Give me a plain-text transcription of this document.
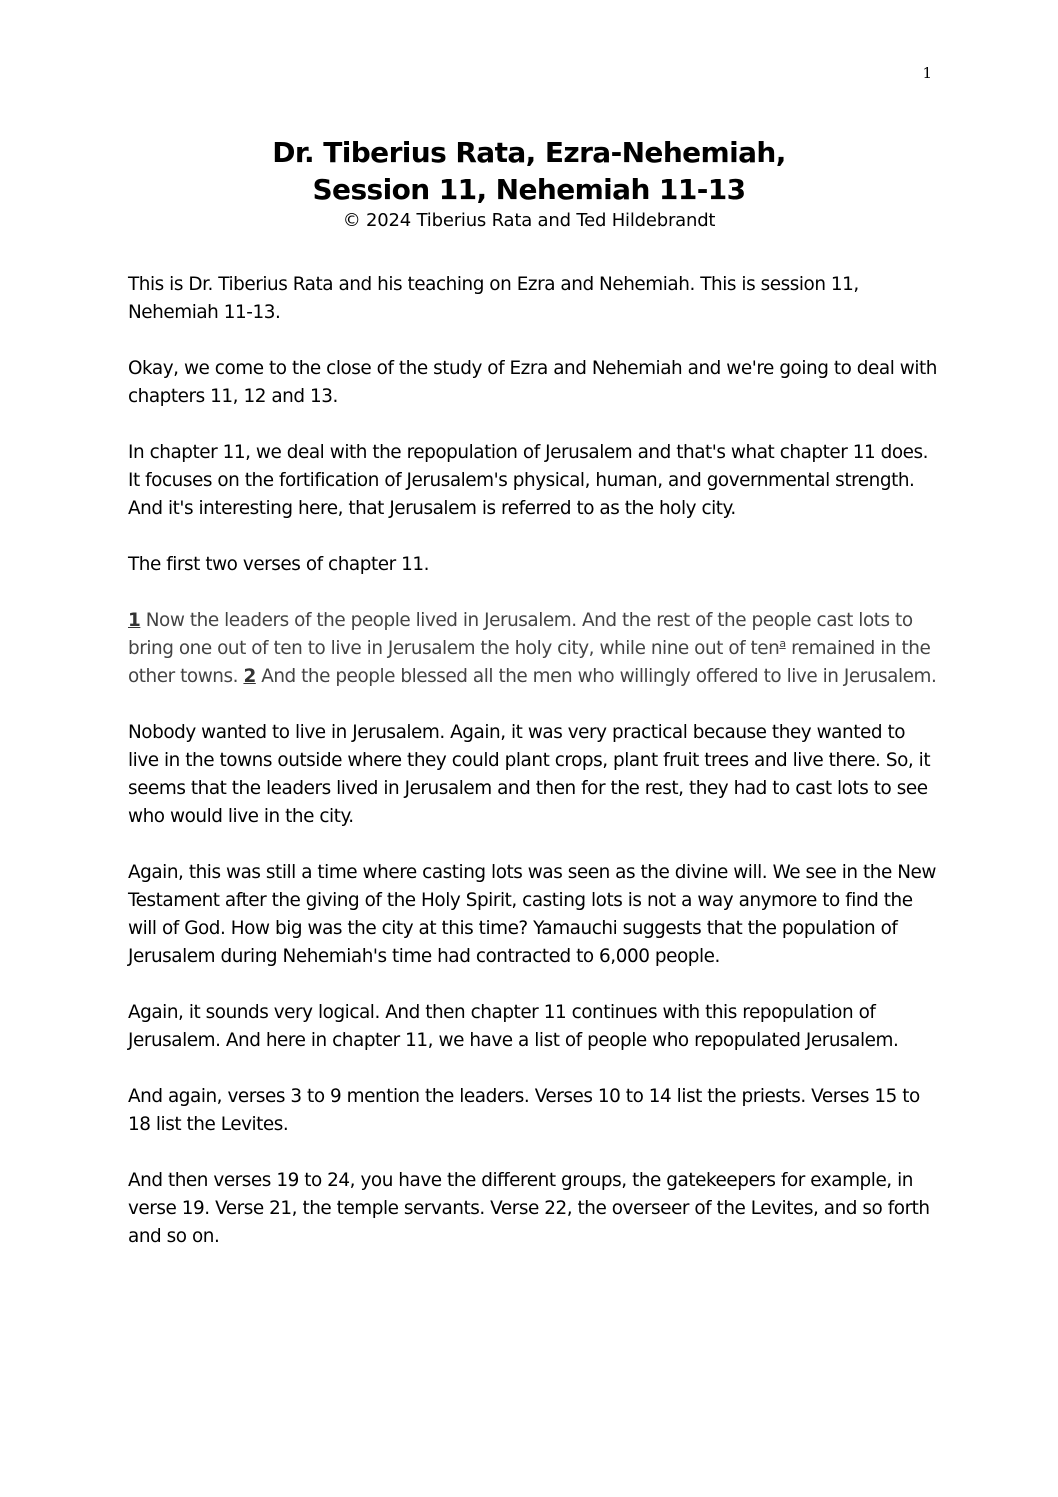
1
Dr. Tiberius Rata, Ezra-Nehemiah,
Session 11, Nehemiah 11-13
© 2024 Tiberius Rata and Ted Hildebrandt

This is Dr. Tiberius Rata and his teaching on Ezra and Nehemiah. This is session 11, Nehemiah 11-13.

Okay, we come to the close of the study of Ezra and Nehemiah and we're going to deal with chapters 11, 12 and 13.

In chapter 11, we deal with the repopulation of Jerusalem and that's what chapter 11 does. It focuses on the fortification of Jerusalem's physical, human, and governmental strength. And it's interesting here, that Jerusalem is referred to as the holy city.

The first two verses of chapter 11.

1 Now the leaders of the people lived in Jerusalem. And the rest of the people cast lots to bring one out of ten to live in Jerusalem the holy city, while nine out of ten$^a$ remained in the other towns. 2 And the people blessed all the men who willingly offered to live in Jerusalem.

Nobody wanted to live in Jerusalem. Again, it was very practical because they wanted to live in the towns outside where they could plant crops, plant fruit trees and live there. So, it seems that the leaders lived in Jerusalem and then for the rest, they had to cast lots to see who would live in the city.

Again, this was still a time where casting lots was seen as the divine will. We see in the New Testament after the giving of the Holy Spirit, casting lots is not a way anymore to find the will of God. How big was the city at this time? Yamauchi suggests that the population of Jerusalem during Nehemiah's time had contracted to 6,000 people.

Again, it sounds very logical. And then chapter 11 continues with this repopulation of Jerusalem. And here in chapter 11, we have a list of people who repopulated Jerusalem.

And again, verses 3 to 9 mention the leaders. Verses 10 to 14 list the priests. Verses 15 to 18 list the Levites.

And then verses 19 to 24, you have the different groups, the gatekeepers for example, in verse 19. Verse 21, the temple servants. Verse 22, the overseer of the Levites, and so forth and so on.
